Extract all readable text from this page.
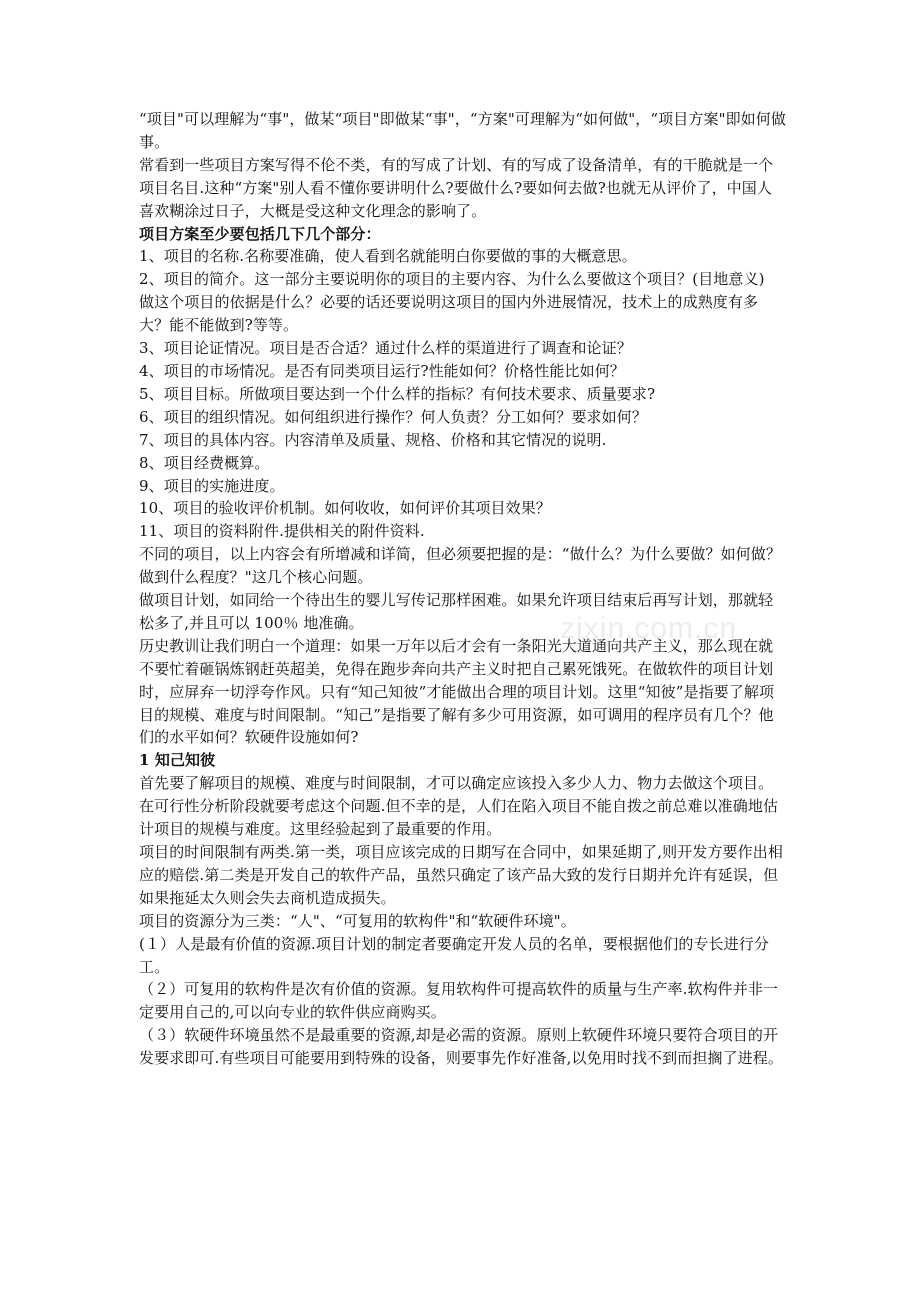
“项目"可以理解为“事"，做某“项目"即做某“事"，“方案"可理解为“如何做"，“项目方案"即如何做事。

常看到一些项目方案写得不伦不类，有的写成了计划、有的写成了设备清单，有的干脆就是一个项目名目.这种“方案"别人看不懂你要讲明什么?要做什么?要如何去做?也就无从评价了，中国人喜欢糊涂过日子，大概是受这种文化理念的影响了。

项目方案至少要包括几下几个部分：

1、项目的名称.名称要准确，使人看到名就能明白你要做的事的大概意思。

2、项目的简介。这一部分主要说明你的项目的主要内容、为什么么要做这个项目？(目地意义)

做这个项目的依据是什么？必要的话还要说明这项目的国内外进展情况，技术上的成熟度有多大？能不能做到?等等。

3、项目论证情况。项目是否合适？通过什么样的渠道进行了调查和论证？

4、项目的市场情况。是否有同类项目运行?性能如何？价格性能比如何？

5、项目目标。所做项目要达到一个什么样的指标？有何技术要求、质量要求?

6、项目的组织情况。如何组织进行操作？何人负责？分工如何？要求如何？

7、项目的具体内容。内容清单及质量、规格、价格和其它情况的说明.

8、项目经费概算。

9、项目的实施进度。

10、项目的验收评价机制。如何收收，如何评价其项目效果？

11、项目的资料附件.提供相关的附件资料.

不同的项目，以上内容会有所增减和详简，但必须要把握的是：“做什么？为什么要做？如何做？做到什么程度？"这几个核心问题。

做项目计划，如同给一个待出生的婴儿写传记那样困难。如果允许项目结束后再写计划，那就轻松多了,并且可以 100％ 地准确。

历史教训让我们明白一个道理：如果一万年以后才会有一条阳光大道通向共产主义，那么现在就不要忙着砸锅炼钢赶英超美，免得在跑步奔向共产主义时把自己累死饿死。在做软件的项目计划时，应屏弃一切浮夸作风。只有“知己知彼”才能做出合理的项目计划。这里“知彼”是指要了解项目的规模、难度与时间限制。“知己”是指要了解有多少可用资源，如可调用的程序员有几个？他们的水平如何？软硬件设施如何?

1 知己知彼

首先要了解项目的规模、难度与时间限制，才可以确定应该投入多少人力、物力去做这个项目。在可行性分析阶段就要考虑这个问题.但不幸的是，人们在陷入项目不能自拨之前总难以准确地估计项目的规模与难度。这里经验起到了最重要的作用。

项目的时间限制有两类.第一类，项目应该完成的日期写在合同中，如果延期了,则开发方要作出相应的赔偿.第二类是开发自己的软件产品，虽然只确定了该产品大致的发行日期并允许有延误，但如果拖延太久则会失去商机造成损失。

项目的资源分为三类：“人"、“可复用的软构件"和“软硬件环境"。

(１）人是最有价值的资源.项目计划的制定者要确定开发人员的名单，要根据他们的专长进行分工。

（２）可复用的软构件是次有价值的资源。复用软构件可提高软件的质量与生产率.软构件并非一定要用自己的,可以向专业的软件供应商购买。

（３）软硬件环境虽然不是最重要的资源,却是必需的资源。原则上软硬件环境只要符合项目的开发要求即可.有些项目可能要用到特殊的设备，则要事先作好准备,以免用时找不到而担搁了进程。

zixin.com.cn
